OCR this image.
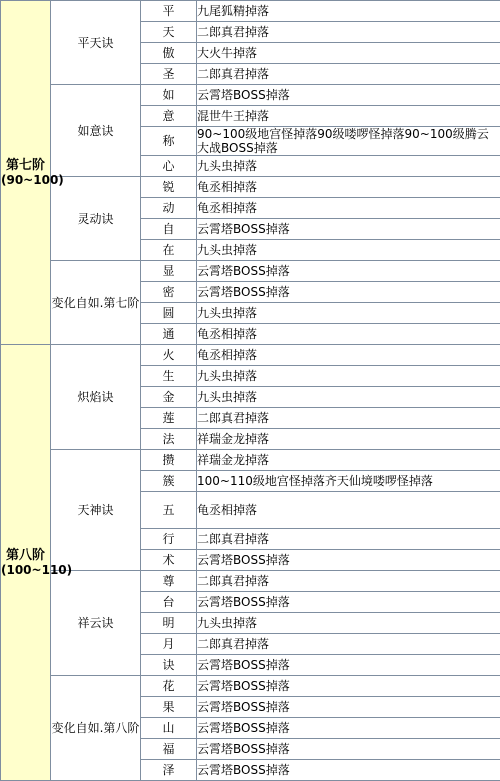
第七阶
(90~100)	平天诀	平	九尾狐精掉落
		天	二郎真君掉落
		傲	大火牛掉落
		圣	二郎真君掉落
	如意诀	如	云霄塔BOSS掉落
		意	混世牛王掉落
		称	90~100级地宫怪掉落90级喽啰怪掉落90~100级腾云大战BOSS掉落
		心	九头虫掉落
	灵动诀	锐	龟丞相掉落
		动	龟丞相掉落
		自	云霄塔BOSS掉落
		在	九头虫掉落
	变化自如.第七阶	显	云霄塔BOSS掉落
		密	云霄塔BOSS掉落
		圆	九头虫掉落
		通	龟丞相掉落

第八阶
(100~110)	炽焰诀	火	龟丞相掉落
		生	九头虫掉落
		金	九头虫掉落
		莲	二郎真君掉落
		法	祥瑞金龙掉落
	天神诀	攒	祥瑞金龙掉落
		簇	100~110级地宫怪掉落齐天仙境喽啰怪掉落
		五	龟丞相掉落
		行	二郎真君掉落
		术	云霄塔BOSS掉落
	祥云诀	尊	二郎真君掉落
		台	云霄塔BOSS掉落
		明	九头虫掉落
		月	二郎真君掉落
		诀	云霄塔BOSS掉落
	变化自如.第八阶	花	云霄塔BOSS掉落
		果	云霄塔BOSS掉落
		山	云霄塔BOSS掉落
		福	云霄塔BOSS掉落
		泽	云霄塔BOSS掉落
